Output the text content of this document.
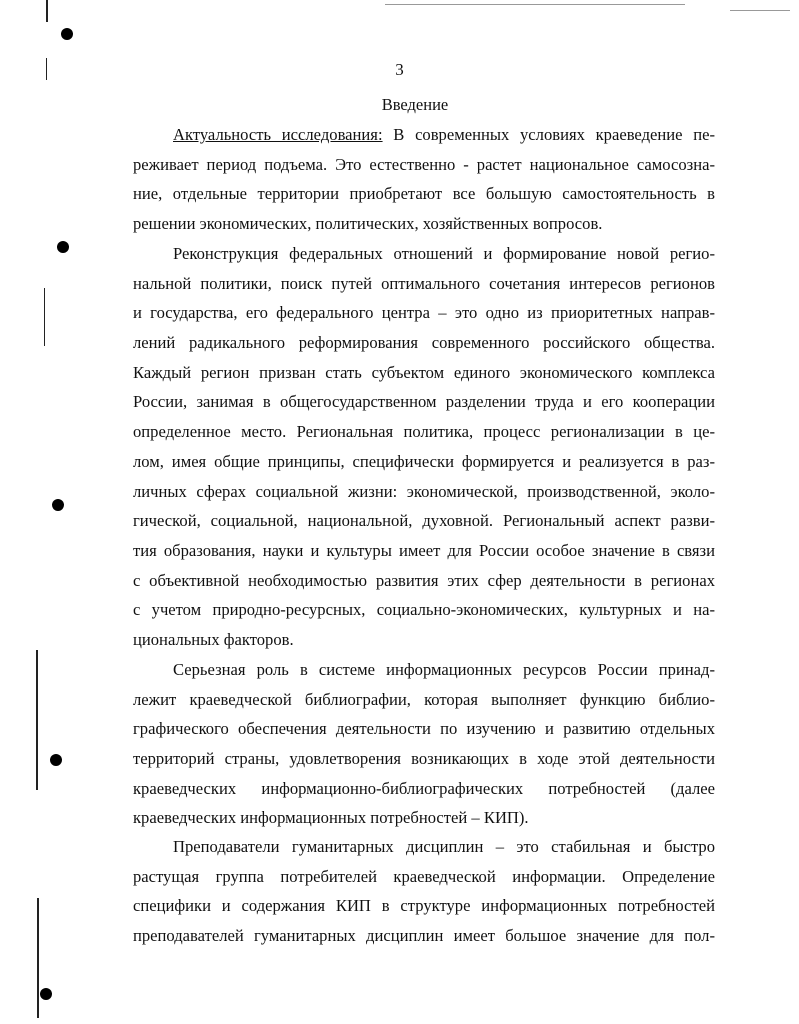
3
Введение
Актуальность исследования: В современных условиях краеведение пе-
реживает период подъема. Это естественно - растет национальное самосозна-
ние, отдельные территории приобретают все большую самостоятельность в
решении экономических, политических, хозяйственных вопросов.
Реконструкция федеральных отношений и формирование новой регио-
нальной политики, поиск путей оптимального сочетания интересов регионов
и государства, его федерального центра – это одно из приоритетных направ-
лений радикального реформирования современного российского общества.
Каждый регион призван стать субъектом единого экономического комплекса
России, занимая в общегосударственном разделении труда и его кооперации
определенное место. Региональная политика, процесс регионализации в це-
лом, имея общие принципы, специфически формируется и реализуется в раз-
личных сферах социальной жизни: экономической, производственной, эколо-
гической, социальной, национальной, духовной. Региональный аспект разви-
тия образования, науки и культуры имеет для России особое значение в связи
с объективной необходимостью развития этих сфер деятельности в регионах
с учетом природно-ресурсных, социально-экономических, культурных и на-
циональных факторов.
Серьезная роль в системе информационных ресурсов России принад-
лежит краеведческой библиографии, которая выполняет функцию библио-
графического обеспечения деятельности по изучению и развитию отдельных
территорий страны, удовлетворения возникающих в ходе этой деятельности
краеведческих информационно-библиографических потребностей (далее
краеведческих информационных потребностей – КИП).
Преподаватели гуманитарных дисциплин – это стабильная и быстро
растущая группа потребителей краеведческой информации. Определение
специфики и содержания КИП в структуре информационных потребностей
преподавателей гуманитарных дисциплин имеет большое значение для пол-
